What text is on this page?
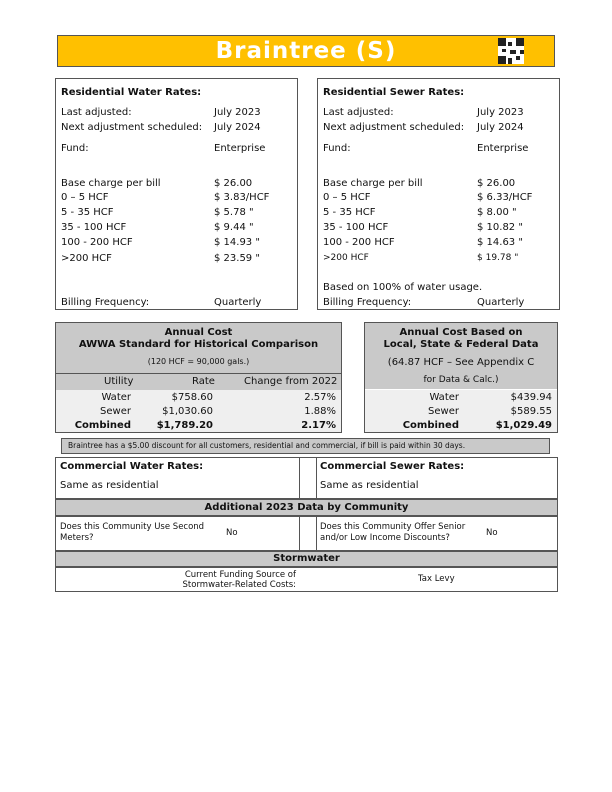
Braintree (S)
Residential Water Rates:
Last adjusted:	July 2023
Next adjustment scheduled: July 2024
Fund:	Enterprise
Base charge per bill	$ 26.00
0 – 5 HCF	$ 3.83/HCF
5 - 35 HCF	$ 5.78 "
35 - 100 HCF	$ 9.44 "
100 - 200 HCF	$ 14.93 "
>200 HCF	$ 23.59 "
Billing Frequency:	Quarterly
Residential Sewer Rates:
Last adjusted:	July 2023
Next adjustment scheduled: July 2024
Fund:	Enterprise
Base charge per bill	$ 26.00
0 – 5 HCF	$ 6.33/HCF
5 - 35 HCF	$ 8.00 "
35 - 100 HCF	$ 10.82 "
100 - 200 HCF	$ 14.63 "
>200 HCF	$ 19.78 "
Based on 100% of water usage.
Billing Frequency:	Quarterly
Annual Cost
AWWA Standard for Historical Comparison
(120 HCF = 90,000 gals.)
Utility	Rate	Change from 2022
Water	$758.60	2.57%
Sewer	$1,030.60	1.88%
Combined	$1,789.20	2.17%
Annual Cost Based on
Local, State & Federal Data
(64.87 HCF – See Appendix C
for Data & Calc.)
Water	$439.94
Sewer	$589.55
Combined	$1,029.49
Braintree has a $5.00 discount for all customers, residential and commercial, if bill is paid within 30 days.
Commercial Water Rates:
Same as residential
Commercial Sewer Rates:
Same as residential
Additional 2023 Data by Community
Does this Community Use Second Meters?	No
Does this Community Offer Senior and/or Low Income Discounts?	No
Stormwater
Current Funding Source of Stormwater-Related Costs:
Tax Levy
